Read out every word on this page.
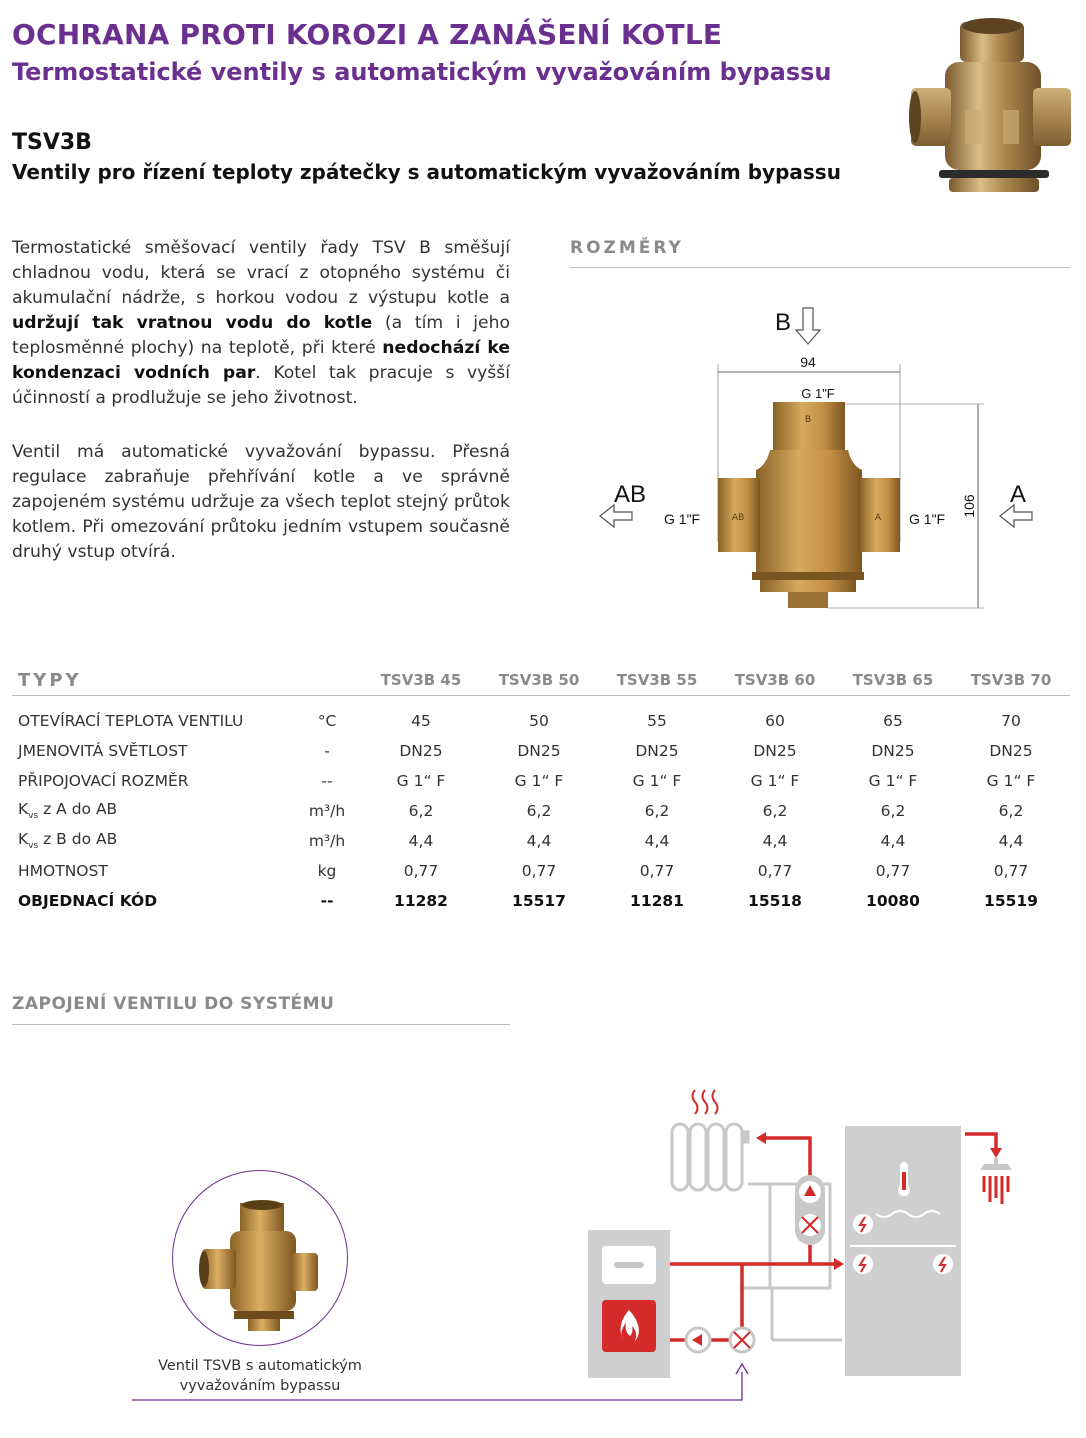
OCHRANA PROTI KOROZI A ZANÁŠENÍ KOTLE
Termostatické ventily s automatickým vyvažováním bypassu
TSV3B
Ventily pro řízení teploty zpátečky s automatickým vyvažováním bypassu
Termostatické směšovací ventily řady TSV B směšují chladnou vodu, která se vrací z otopného systému či akumulační nádrže, s horkou vodou z výstupu kotle a udržují tak vratnou vodu do kotle (a tím i jeho teplosměnné plochy) na teplotě, při které nedochází ke kondenzaci vodních par. Kotel tak pracuje s vyšší účinností a prodlužuje se jeho životnost.
Ventil má automatické vyvažování bypassu. Přesná regulace zabraňuje přehřívání kotle a ve správně zapojeném systému udržuje za všech teplot stejný průtok kotlem. Při omezování průtoku jedním vstupem současně druhý vstup otvírá.
ROZMĚRY
B
94
G 1"F
B
AB	A
106
AB
G 1"F	G 1"F
A
TYPY		TSV3B 45	TSV3B 50	TSV3B 55	TSV3B 60	TSV3B 65	TSV3B 70

OTEVÍRACÍ TEPLOTA VENTILU	°C	45	50	55	60	65	70
JMENOVITÁ SVĚTLOST	-	DN25	DN25	DN25	DN25	DN25	DN25
PŘIPOJOVACÍ ROZMĚR	--	G 1“ F	G 1“ F	G 1“ F	G 1“ F	G 1“ F	G 1“ F
$K_{vs}$ z A do AB	m³/h	6,2	6,2	6,2	6,2	6,2	6,2
$K_{vs}$ z B do AB	m³/h	4,4	4,4	4,4	4,4	4,4	4,4
HMOTNOST	kg	0,77	0,77	0,77	0,77	0,77	0,77
OBJEDNACÍ KÓD	--	11282	15517	11281	15518	10080	15519
ZAPOJENÍ VENTILU DO SYSTÉMU
Ventil TSVB s automatickým
vyvažováním bypassu
